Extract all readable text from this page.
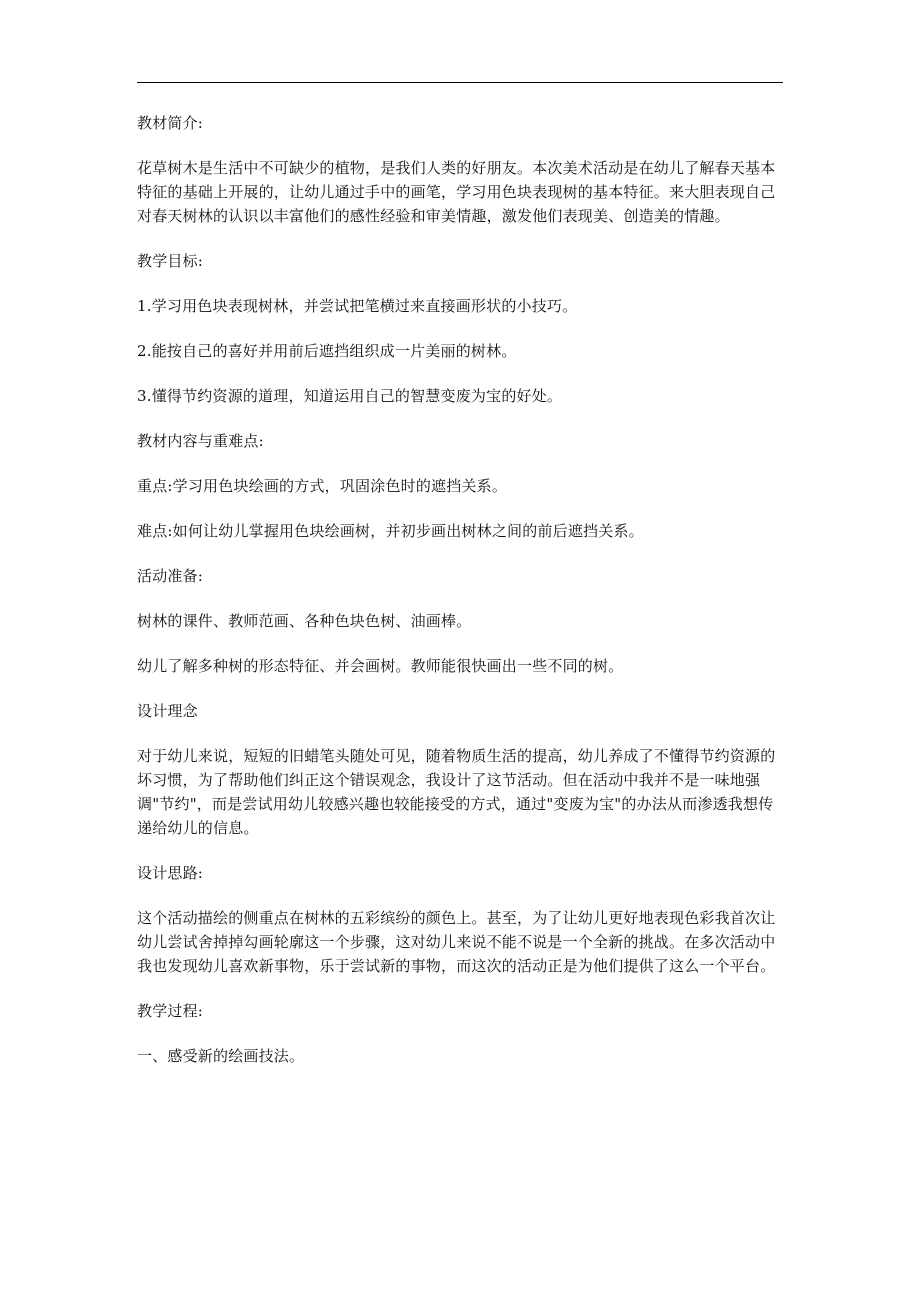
教材简介:

花草树木是生活中不可缺少的植物，是我们人类的好朋友。本次美术活动是在幼儿了解春天基本特征的基础上开展的，让幼儿通过手中的画笔，学习用色块表现树的基本特征。来大胆表现自己对春天树林的认识以丰富他们的感性经验和审美情趣，激发他们表现美、创造美的情趣。

教学目标:

1.学习用色块表现树林，并尝试把笔横过来直接画形状的小技巧。

2.能按自己的喜好并用前后遮挡组织成一片美丽的树林。

3.懂得节约资源的道理，知道运用自己的智慧变废为宝的好处。

教材内容与重难点:

重点:学习用色块绘画的方式，巩固涂色时的遮挡关系。

难点:如何让幼儿掌握用色块绘画树，并初步画出树林之间的前后遮挡关系。

活动准备:

树林的课件、教师范画、各种色块色树、油画棒。

幼儿了解多种树的形态特征、并会画树。教师能很快画出一些不同的树。

设计理念

对于幼儿来说，短短的旧蜡笔头随处可见，随着物质生活的提高，幼儿养成了不懂得节约资源的坏习惯，为了帮助他们纠正这个错误观念，我设计了这节活动。但在活动中我并不是一味地强调"节约"，而是尝试用幼儿较感兴趣也较能接受的方式，通过"变废为宝"的办法从而渗透我想传递给幼儿的信息。

设计思路:

这个活动描绘的侧重点在树林的五彩缤纷的颜色上。甚至，为了让幼儿更好地表现色彩我首次让幼儿尝试舍掉掉勾画轮廓这一个步骤，这对幼儿来说不能不说是一个全新的挑战。在多次活动中我也发现幼儿喜欢新事物，乐于尝试新的事物，而这次的活动正是为他们提供了这么一个平台。

教学过程:

一、感受新的绘画技法。
